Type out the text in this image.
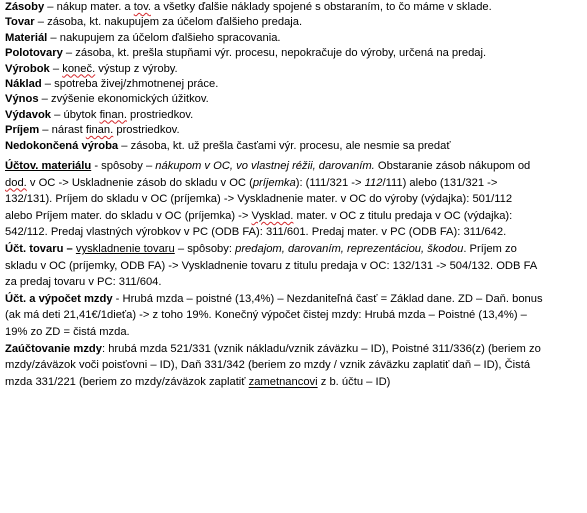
Zásoby – nákup mater. a tov. a všetky ďalšie náklady spojené s obstaraním, to čo máme v sklade.
Tovar – zásoba, kt. nakupujem za účelom ďalšieho predaja.
Materiál – nakupujem za účelom ďalšieho spracovania.
Polotovary – zásoba, kt. prešla stupňami výr. procesu, nepokračuje do výroby, určená na predaj.
Výrobok – koneč. výstup z výroby.
Náklad – spotreba živej/zhmotnenej práce.
Výnos – zvýšenie ekonomických úžitkov.
Výdavok – úbytok finan. prostriedkov.
Príjem – nárast finan. prostriedkov.
Nedokončená výroba – zásoba, kt. už prešla časťami výr. procesu, ale nesmie sa predať
Účtov. materiálu - spôsoby – nákupom v OC, vo vlastnej réžii, darovaním. Obstaranie zásob nákupom od
dod. v OC -> Uskladnenie zásob do skladu v OC (príjemka): (111/321 -> 112/111) alebo (131/321 ->
132/131). Príjem do skladu v OC (príjemka) -> Vyskladnenie mater. v OC do výroby (výdajka): 501/112
alebo Príjem mater. do skladu v OC (príjemka) -> Vysklad. mater. v OC z titulu predaja v OC (výdajka):
542/112. Predaj vlastných výrobkov v PC (ODB FA): 311/601. Predaj mater. v PC (ODB FA): 311/642.
Účt. tovaru – vyskladnenie tovaru – spôsoby: predajom, darovaním, reprezentáciou, škodou. Príjem zo
skladu v OC (príjemky, ODB FA) -> Vyskladnenie tovaru z titulu predaja v OC: 132/131 -> 504/132. ODB FA
za predaj tovaru v PC: 311/604.
Účt. a výpočet mzdy - Hrubá mzda – poistné (13,4%) – Nezdaniteľná časť = Základ dane. ZD – Daň. bonus
(ak má deti 21,41€/1dieťa) -> z toho 19%. Konečný výpočet čistej mzdy: Hrubá mzda – Poistné (13,4%) –
19% zo ZD = čistá mzda.
Zaúčtovanie mzdy: hrubá mzda 521/331 (vznik nákladu/vznik záväzku – ID), Poistné 311/336(z) (beriem zo
mzdy/záväzok voči poisťovni – ID), Daň 331/342 (beriem zo mzdy / vznik záväzku zaplatiť daň – ID), Čistá
mzda 331/221 (beriem zo mzdy/záväzok zaplatiť zametnancovi z b. účtu – ID)
